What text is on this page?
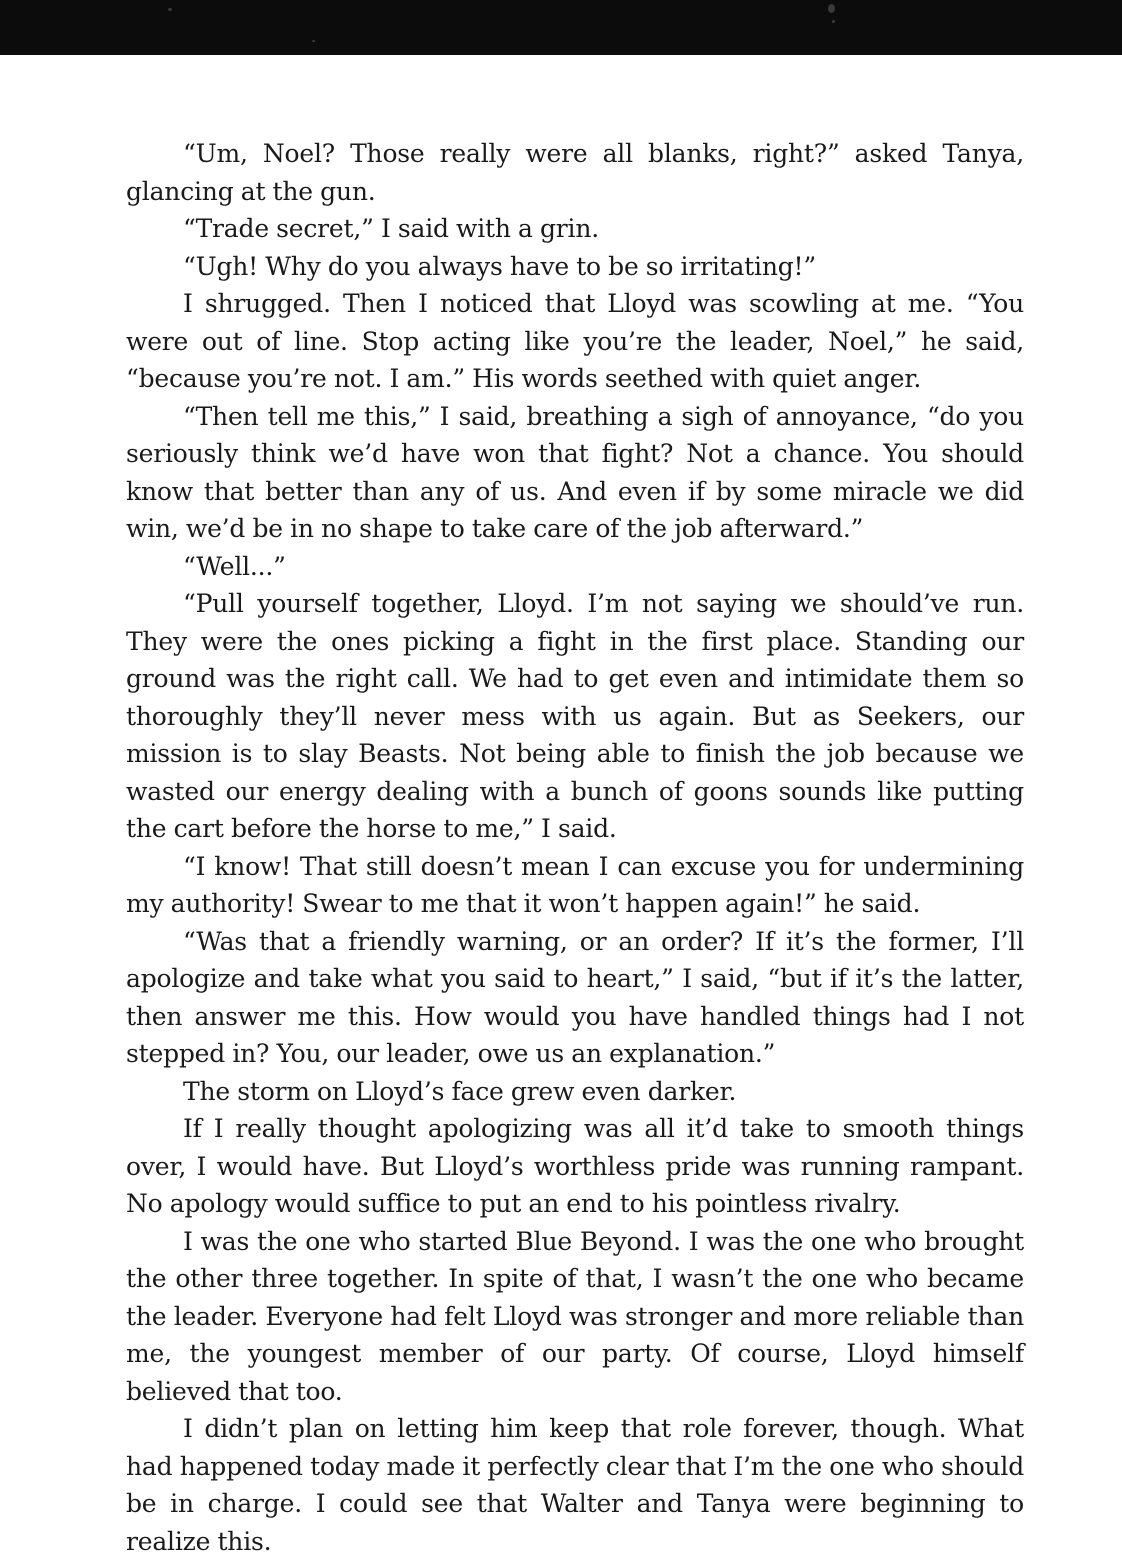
“Um, Noel? Those really were all blanks, right?” asked Tanya, glancing at the gun.

“Trade secret,” I said with a grin.

“Ugh! Why do you always have to be so irritating!”

I shrugged. Then I noticed that Lloyd was scowling at me. “You were out of line. Stop acting like you’re the leader, Noel,” he said, “because you’re not. I am.” His words seethed with quiet anger.

“Then tell me this,” I said, breathing a sigh of annoyance, “do you seriously think we’d have won that fight? Not a chance. You should know that better than any of us. And even if by some miracle we did win, we’d be in no shape to take care of the job afterward.”

“Well...”

“Pull yourself together, Lloyd. I’m not saying we should’ve run. They were the ones picking a fight in the first place. Standing our ground was the right call. We had to get even and intimidate them so thoroughly they’ll never mess with us again. But as Seekers, our mission is to slay Beasts. Not being able to finish the job because we wasted our energy dealing with a bunch of goons sounds like putting the cart before the horse to me,” I said.

“I know! That still doesn’t mean I can excuse you for undermining my authority! Swear to me that it won’t happen again!” he said.

“Was that a friendly warning, or an order? If it’s the former, I’ll apologize and take what you said to heart,” I said, “but if it’s the latter, then answer me this. How would you have handled things had I not stepped in? You, our leader, owe us an explanation.”

The storm on Lloyd’s face grew even darker.

If I really thought apologizing was all it’d take to smooth things over, I would have. But Lloyd’s worthless pride was running rampant. No apology would suffice to put an end to his pointless rivalry.

I was the one who started Blue Beyond. I was the one who brought the other three together. In spite of that, I wasn’t the one who became the leader. Everyone had felt Lloyd was stronger and more reliable than me, the youngest member of our party. Of course, Lloyd himself believed that too.

I didn’t plan on letting him keep that role forever, though. What had happened today made it perfectly clear that I’m the one who should be in charge. I could see that Walter and Tanya were beginning to realize this.
